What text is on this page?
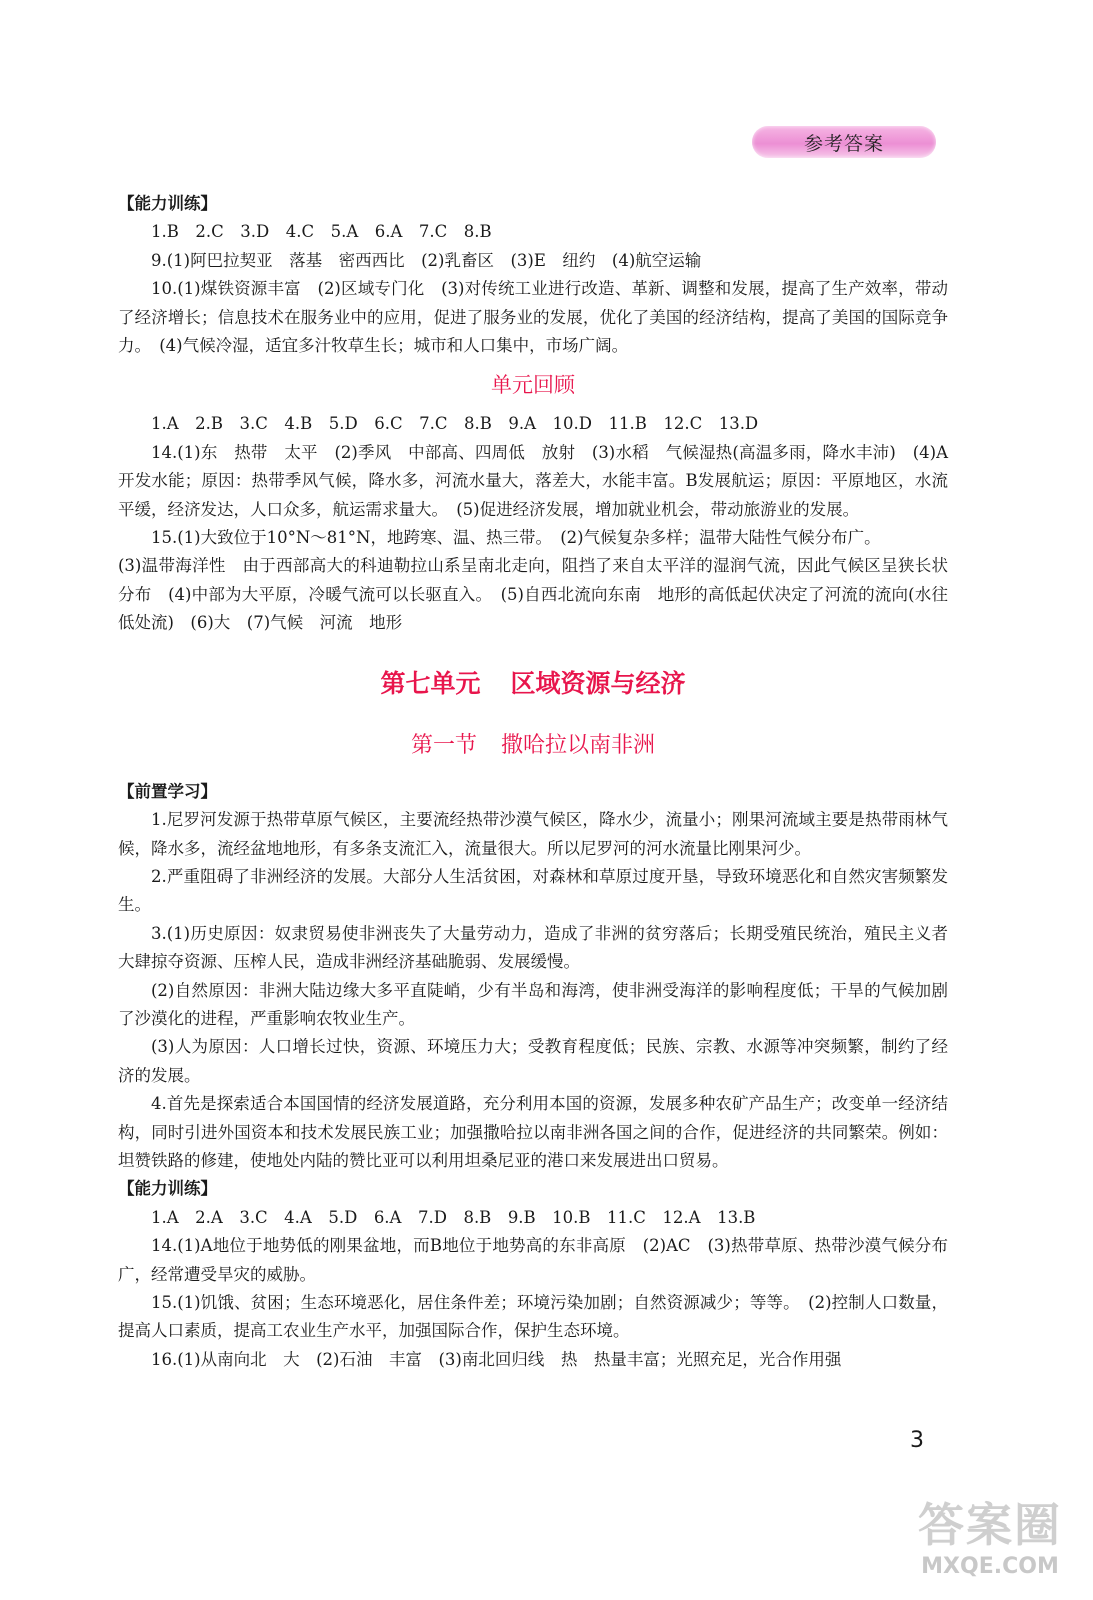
参考答案

【能力训练】

1.B　2.C　3.D　4.C　5.A　6.A　7.C　8.B

9.(1)阿巴拉契亚　落基　密西西比　(2)乳畜区　(3)E　纽约　(4)航空运输

10.(1)煤铁资源丰富　(2)区域专门化　(3)对传统工业进行改造、革新、调整和发展，提高了生产效率，带动了经济增长；信息技术在服务业中的应用，促进了服务业的发展，优化了美国的经济结构，提高了美国的国际竞争力。　(4)气候冷湿，适宜多汁牧草生长；城市和人口集中，市场广阔。

单元回顾

1.A　2.B　3.C　4.B　5.D　6.C　7.C　8.B　9.A　10.D　11.B　12.C　13.D

14.(1)东　热带　太平　(2)季风　中部高、四周低　放射　(3)水稻　气候湿热(高温多雨，降水丰沛)　(4)A开发水能；原因：热带季风气候，降水多，河流水量大，落差大，水能丰富。B发展航运；原因：平原地区，水流平缓，经济发达，人口众多，航运需求量大。　(5)促进经济发展，增加就业机会，带动旅游业的发展。

15.(1)大致位于10°N～81°N，地跨寒、温、热三带。　(2)气候复杂多样；温带大陆性气候分布广。

(3)温带海洋性　由于西部高大的科迪勒拉山系呈南北走向，阻挡了来自太平洋的湿润气流，因此气候区呈狭长状分布　(4)中部为大平原，冷暖气流可以长驱直入。　(5)自西北流向东南　地形的高低起伏决定了河流的流向(水往低处流)　(6)大　(7)气候　河流　地形

第七单元 区域资源与经济
第一节 撒哈拉以南非洲

【前置学习】

1.尼罗河发源于热带草原气候区，主要流经热带沙漠气候区，降水少，流量小；刚果河流域主要是热带雨林气候，降水多，流经盆地地形，有多条支流汇入，流量很大。所以尼罗河的河水流量比刚果河少。

2.严重阻碍了非洲经济的发展。大部分人生活贫困，对森林和草原过度开垦，导致环境恶化和自然灾害频繁发生。

3.(1)历史原因：奴隶贸易使非洲丧失了大量劳动力，造成了非洲的贫穷落后；长期受殖民统治，殖民主义者大肆掠夺资源、压榨人民，造成非洲经济基础脆弱、发展缓慢。

(2)自然原因：非洲大陆边缘大多平直陡峭，少有半岛和海湾，使非洲受海洋的影响程度低；干旱的气候加剧了沙漠化的进程，严重影响农牧业生产。

(3)人为原因：人口增长过快，资源、环境压力大；受教育程度低；民族、宗教、水源等冲突频繁，制约了经济的发展。

4.首先是探索适合本国国情的经济发展道路，充分利用本国的资源，发展多种农矿产品生产；改变单一经济结构，同时引进外国资本和技术发展民族工业；加强撒哈拉以南非洲各国之间的合作，促进经济的共同繁荣。例如：坦赞铁路的修建，使地处内陆的赞比亚可以利用坦桑尼亚的港口来发展进出口贸易。

【能力训练】

1.A　2.A　3.C　4.A　5.D　6.A　7.D　8.B　9.B　10.B　11.C　12.A　13.B

14.(1)A地位于地势低的刚果盆地，而B地位于地势高的东非高原　(2)AC　(3)热带草原、热带沙漠气候分布广，经常遭受旱灾的威胁。

15.(1)饥饿、贫困；生态环境恶化，居住条件差；环境污染加剧；自然资源减少；等等。　(2)控制人口数量，提高人口素质，提高工农业生产水平，加强国际合作，保护生态环境。

16.(1)从南向北　大　(2)石油　丰富　(3)南北回归线　热　热量丰富；光照充足，光合作用强

3
答案圈
MXQE.COM
